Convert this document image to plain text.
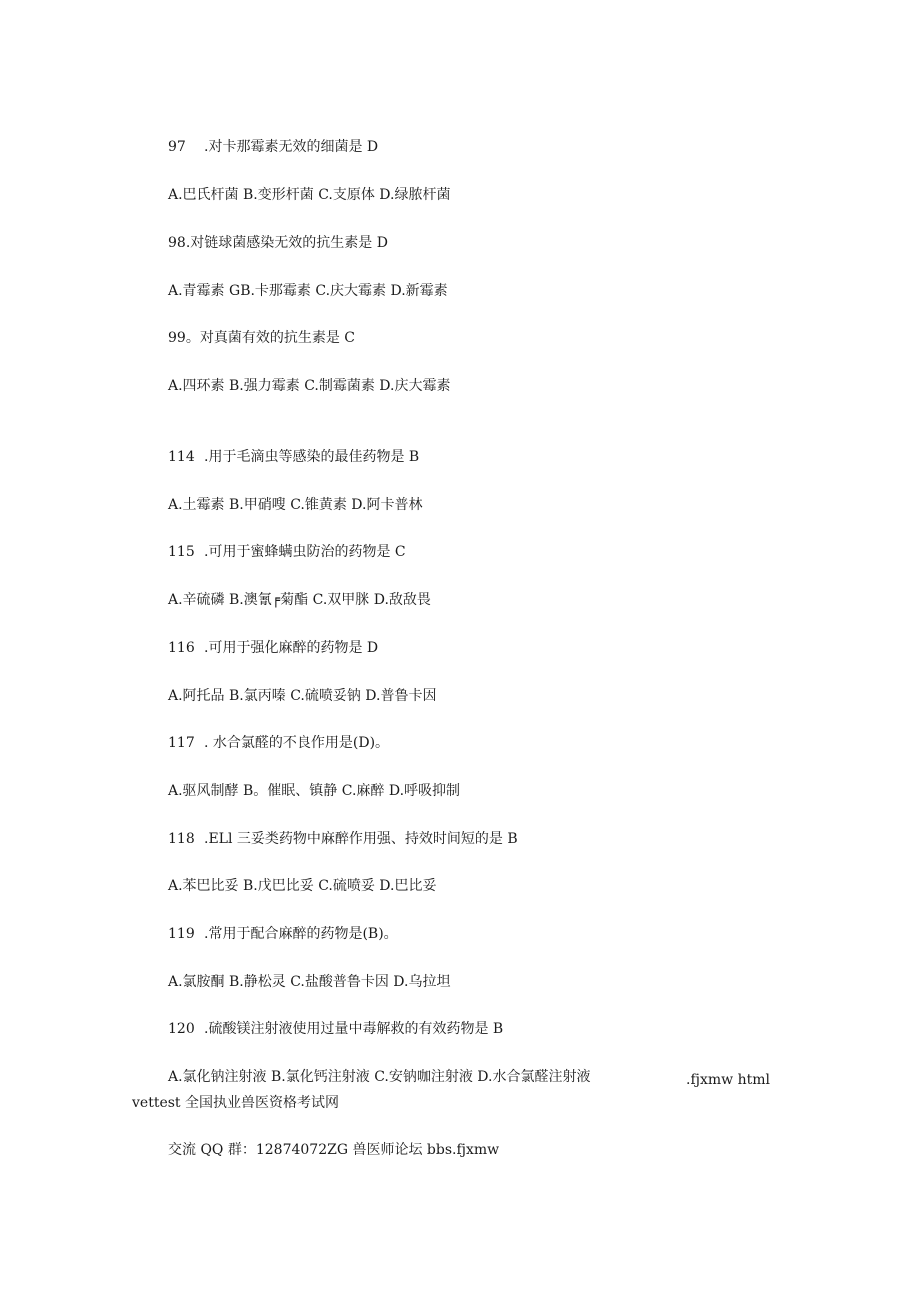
97 .对卡那霉素无效的细菌是 D
A.巴氏杆菌 B.变形杆菌 C.支原体 D.绿脓杆菌
98.对链球菌感染无效的抗生素是 D
A.青霉素 GB.卡那霉素 C.庆大霉素 D.新霉素
99。对真菌有效的抗生素是 C
A.四环素 B.强力霉素 C.制霉菌素 D.庆大霉素
114 .用于毛滴虫等感染的最佳药物是 B
A.土霉素 B.甲硝嗖 C.锥黄素 D.阿卡普林
115 .可用于蜜蜂螨虫防治的药物是 C
A.辛硫磷 B.澳氰╒菊酯 C.双甲脒 D.敌敌畏
116 .可用于强化麻醉的药物是 D
A.阿托品 B.氯丙嗪 C.硫喷妥钠 D.普鲁卡因
117 . 水合氯醛的不良作用是(D)。
A.驱风制酵 B。催眠、镇静 C.麻醉 D.呼吸抑制
118 .ELl 三妥类药物中麻醉作用强、持效时间短的是 B
A.苯巴比妥 B.戊巴比妥 C.硫喷妥 D.巴比妥
119 .常用于配合麻醉的药物是(B)。
A.氯胺酮 B.静松灵 C.盐酸普鲁卡因 D.乌拉坦
120 .硫酸镁注射液使用过量中毒解救的有效药物是 B
A.氯化钠注射液 B.氯化钙注射液 C.安钠咖注射液 D.水合氯醛注射液	.fjxmw html
vettest 全国执业兽医资格考试网
交流 QQ 群：12874072ZG 兽医师论坛 bbs.fjxmw
